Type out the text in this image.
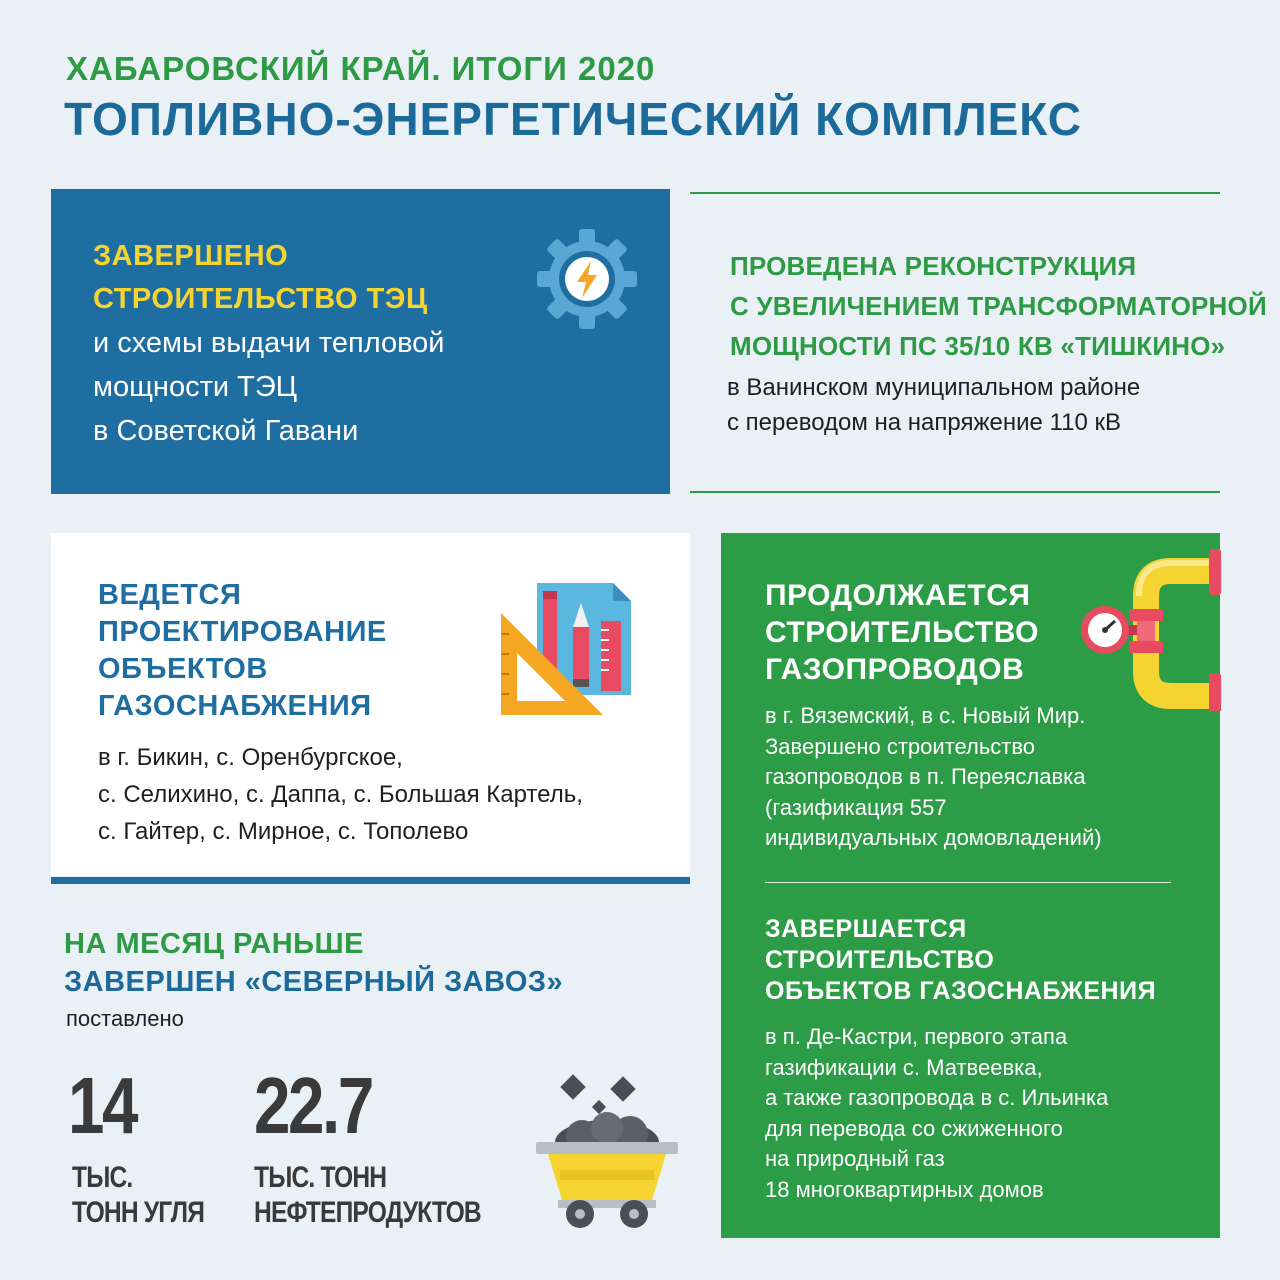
ХАБАРОВСКИЙ КРАЙ. ИТОГИ 2020
ТОПЛИВНО-ЭНЕРГЕТИЧЕСКИЙ КОМПЛЕКС
ЗАВЕРШЕНО
СТРОИТЕЛЬСТВО ТЭЦ
и схемы выдачи тепловой
мощности ТЭЦ
в Советской Гавани
ПРОВЕДЕНА РЕКОНСТРУКЦИЯ
С УВЕЛИЧЕНИЕМ ТРАНСФОРМАТОРНОЙ
МОЩНОСТИ ПС 35/10 КВ «ТИШКИНО»
в Ванинском муниципальном районе
с переводом на напряжение 110 кВ
ВЕДЕТСЯ
ПРОЕКТИРОВАНИЕ
ОБЪЕКТОВ
ГАЗОСНАБЖЕНИЯ
в г. Бикин, с. Оренбургское,
с. Селихино, с. Даппа, с. Большая Картель,
с. Гайтер, с. Мирное, с. Тополево
ПРОДОЛЖАЕТСЯ
СТРОИТЕЛЬСТВО
ГАЗОПРОВОДОВ
в г. Вяземский, в с. Новый Мир.
Завершено строительство
газопроводов в п. Переяславка
(газификация 557
индивидуальных домовладений)
ЗАВЕРШАЕТСЯ
СТРОИТЕЛЬСТВО
ОБЪЕКТОВ ГАЗОСНАБЖЕНИЯ
в п. Де-Кастри, первого этапа
газификации с. Матвеевка,
а также газопровода в с. Ильинка
для перевода со сжиженного
на природный газ
18 многоквартирных домов
НА МЕСЯЦ РАНЬШЕ
ЗАВЕРШЕН «СЕВЕРНЫЙ ЗАВОЗ»
поставлено
14
ТЫС.
ТОНН УГЛЯ
22.7
ТЫС. ТОНН
НЕФТЕПРОДУКТОВ
